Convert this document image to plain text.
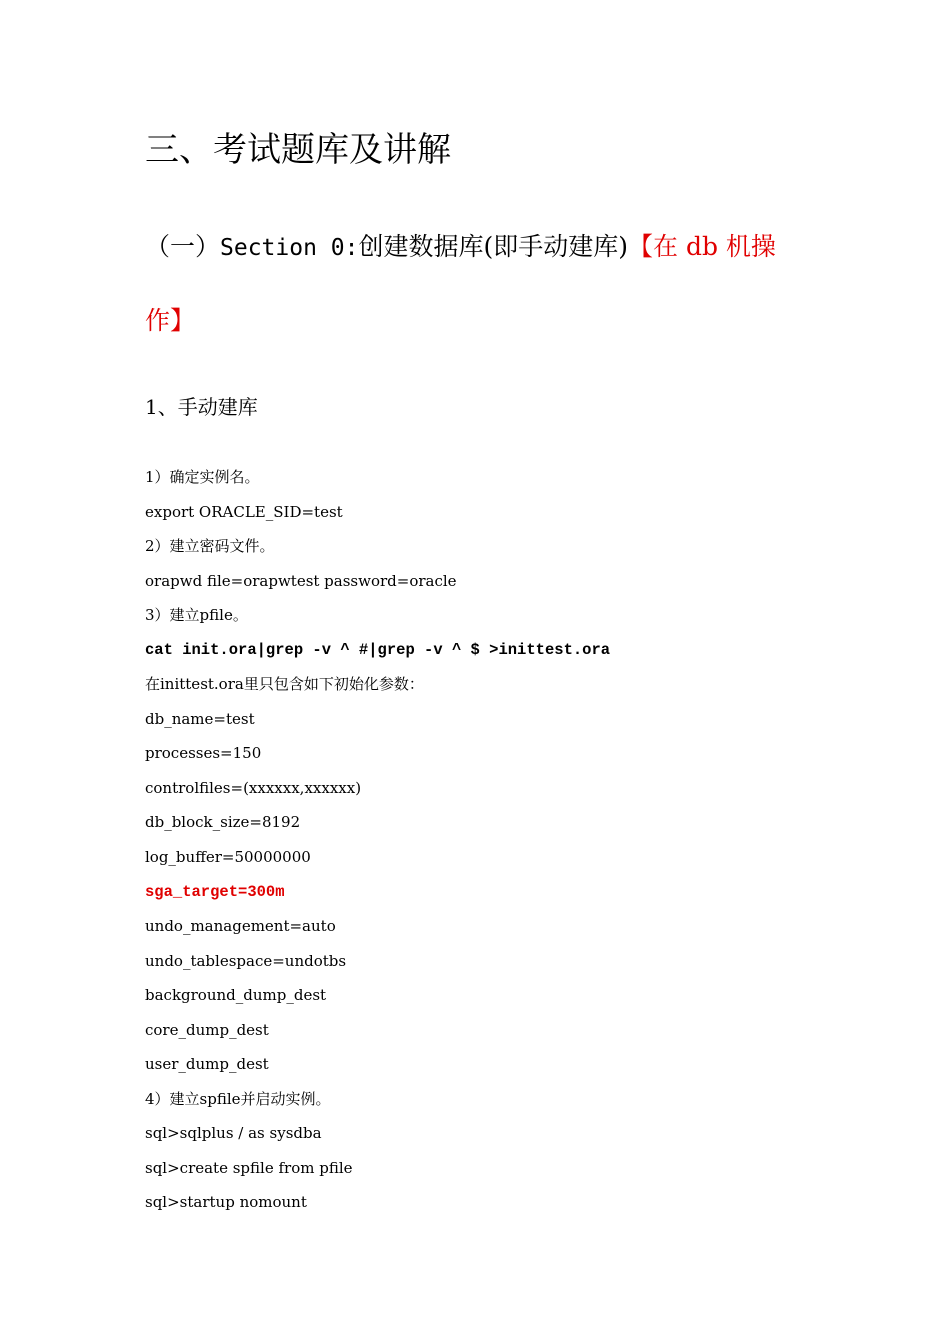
三、考试题库及讲解
（一）Section 0:创建数据库(即手动建库)【在 db 机操
作】
1、手动建库
1）确定实例名。
export ORACLE_SID=test
2）建立密码文件。
orapwd file=orapwtest password=oracle
3）建立pfile。
cat init.ora|grep -v ^ #|grep -v ^ $ >inittest.ora
在inittest.ora里只包含如下初始化参数：
db_name=test
processes=150
controlfiles=(xxxxxx,xxxxxx)
db_block_size=8192
log_buffer=50000000
sga_target=300m
undo_management=auto
undo_tablespace=undotbs
background_dump_dest
core_dump_dest
user_dump_dest
4）建立spfile并启动实例。
sql>sqlplus / as sysdba
sql>create spfile from pfile
sql>startup nomount
